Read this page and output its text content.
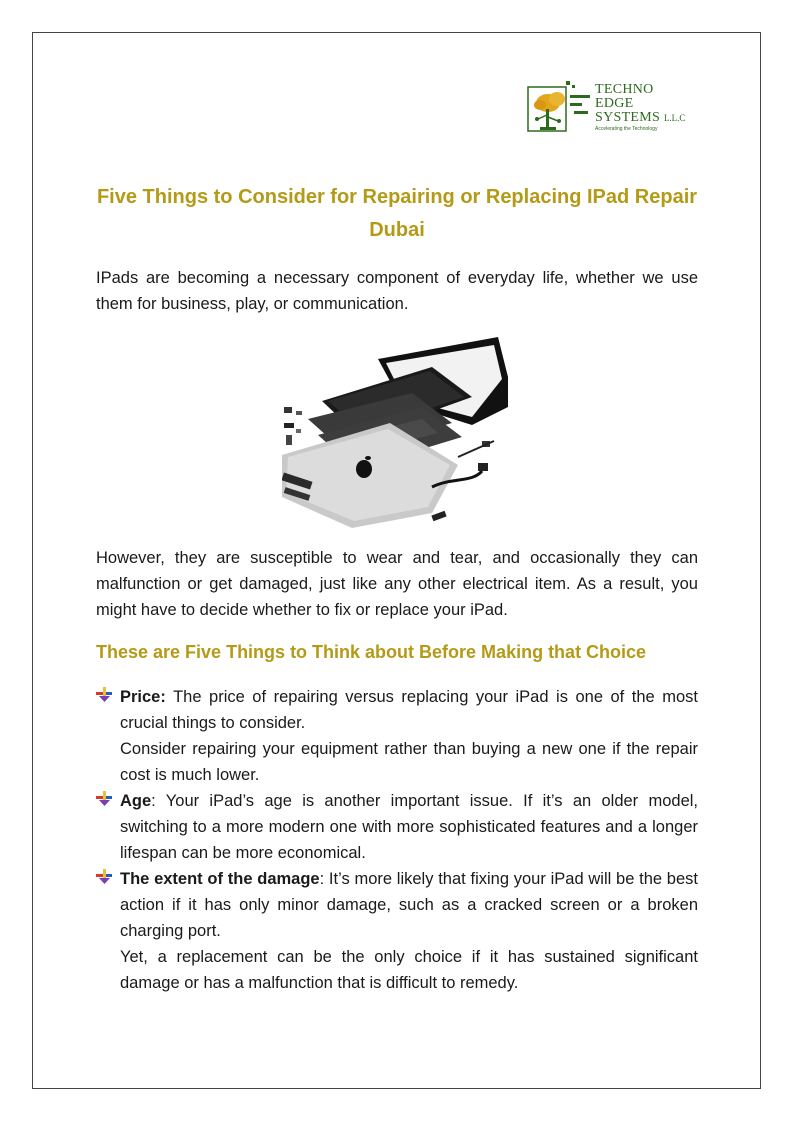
TECHNO
EDGE
SYSTEMS L.L.C
Accelerating the Technology
Five Things to Consider for Repairing or Replacing IPad Repair Dubai

IPads are becoming a necessary component of everyday life, whether we use them for business, play, or communication.

However, they are susceptible to wear and tear, and occasionally they can malfunction or get damaged, just like any other electrical item. As a result, you might have to decide whether to fix or replace your iPad.

These are Five Things to Think about Before Making that Choice
Price: The price of repairing versus replacing your iPad is one of the most crucial things to consider.
Consider repairing your equipment rather than buying a new one if the repair cost is much lower.
Age: Your iPad’s age is another important issue. If it’s an older model, switching to a more modern one with more sophisticated features and a longer lifespan can be more economical.
The extent of the damage: It’s more likely that fixing your iPad will be the best action if it has only minor damage, such as a cracked screen or a broken charging port.
Yet, a replacement can be the only choice if it has sustained significant damage or has a malfunction that is difficult to remedy.
